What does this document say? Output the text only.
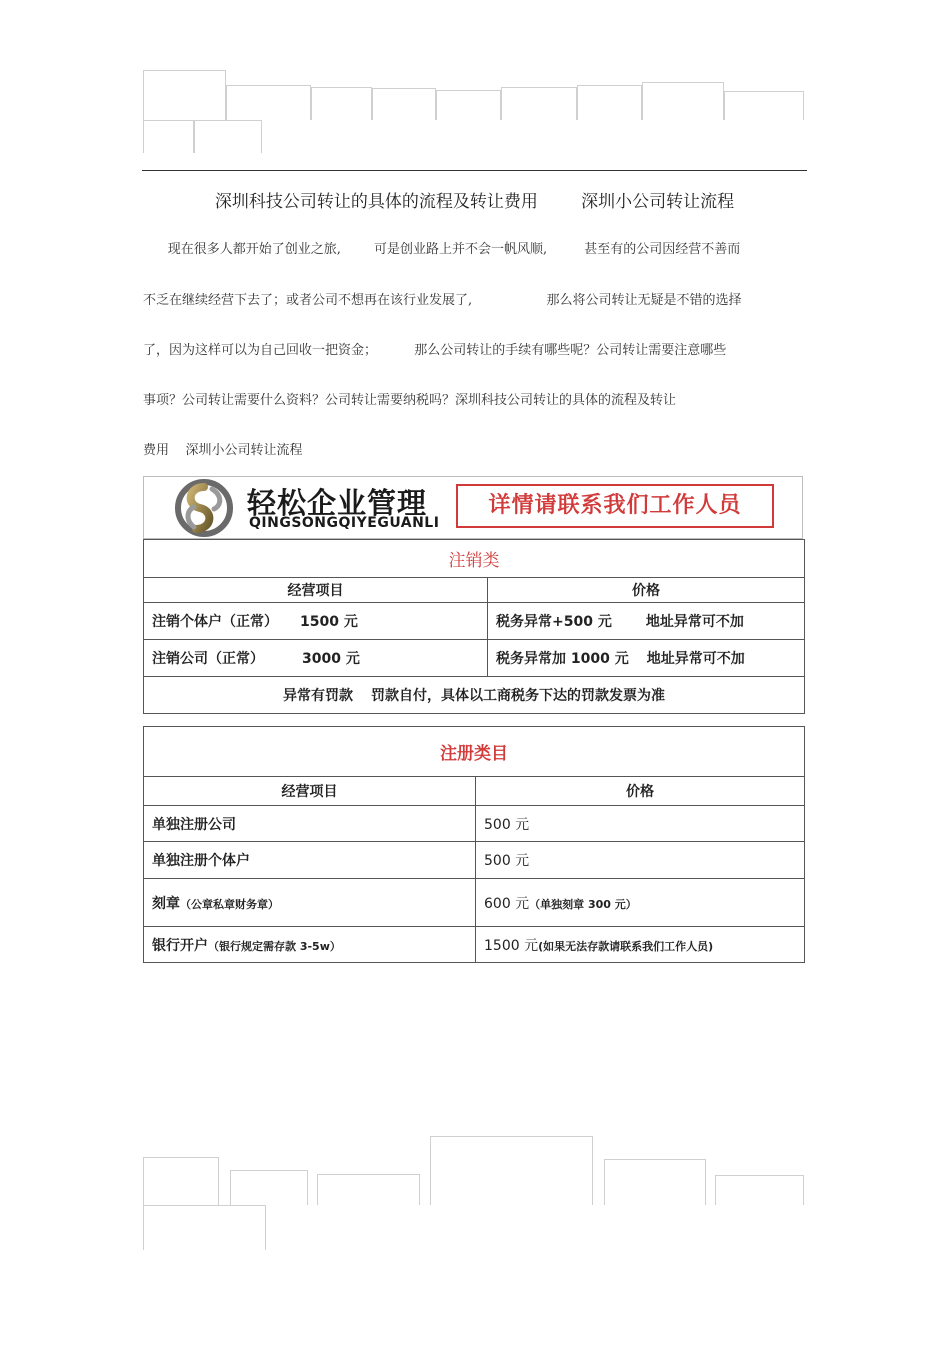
深圳科技公司转让的具体的流程及转让费用        深圳小公司转让流程
现在很多人都开始了创业之旅,        可是创业路上并不会一帆风顺,         甚至有的公司因经营不善而
不乏在继续经营下去了；或者公司不想再在该行业发展了,                  那么将公司转让无疑是不错的选择
了，因为这样可以为自己回收一把资金；         那么公司转让的手续有哪些呢？公司转让需要注意哪些
事项？公司转让需要什么资料？公司转让需要纳税吗？深圳科技公司转让的具体的流程及转让
费用    深圳小公司转让流程
轻松企业管理
QINGSONGQIYEGUANLI
详情请联系我们工作人员
注销类	
经营项目	价格
注销个体户（正常） 1500 元	税务异常+500 元 地址异常可不加
注销公司（正常） 3000 元	税务异常加 1000 元 地址异常可不加
异常有罚款 罚款自付，具体以工商税务下达的罚款发票为准	
注册类目	
经营项目	价格
单独注册公司	500 元
单独注册个体户	500 元
刻章（公章私章财务章）	600 元（单独刻章 300 元）
银行开户（银行规定需存款 3-5w）	1500 元(如果无法存款请联系我们工作人员)
